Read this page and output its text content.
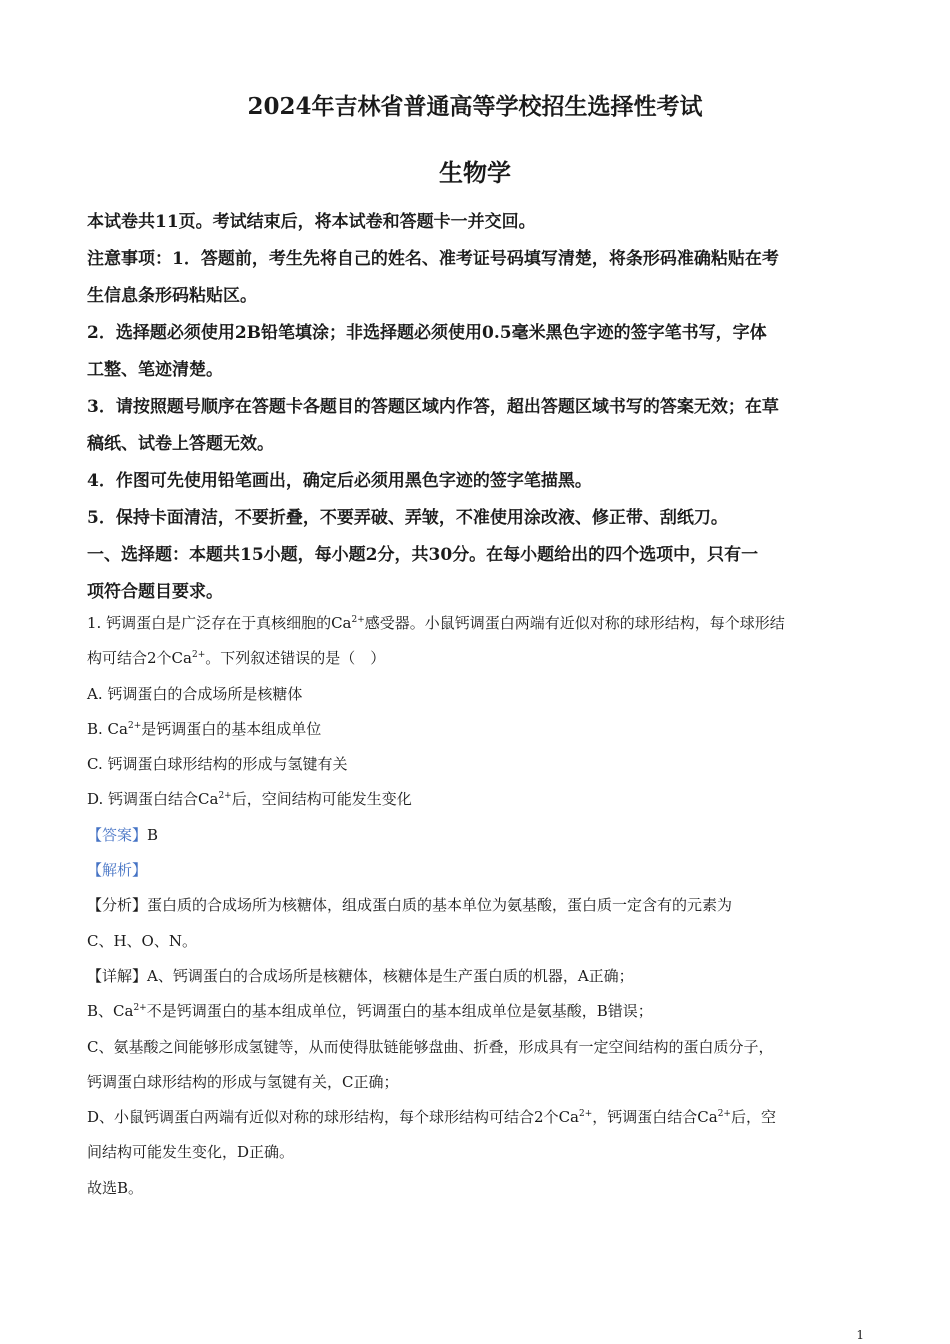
2024年吉林省普通高等学校招生选择性考试
生物学

本试卷共11页。考试结束后，将本试卷和答题卡一并交回。

注意事项：1．答题前，考生先将自己的姓名、准考证号码填写清楚，将条形码准确粘贴在考

生信息条形码粘贴区。

2．选择题必须使用2B铅笔填涂；非选择题必须使用0.5毫米黑色字迹的签字笔书写，字体

工整、笔迹清楚。

3．请按照题号顺序在答题卡各题目的答题区域内作答，超出答题区域书写的答案无效；在草

稿纸、试卷上答题无效。

4．作图可先使用铅笔画出，确定后必须用黑色字迹的签字笔描黑。

5．保持卡面清洁，不要折叠，不要弄破、弄皱，不准使用涂改液、修正带、刮纸刀。

一、选择题：本题共15小题，每小题2分，共30分。在每小题给出的四个选项中，只有一

项符合题目要求。

1. 钙调蛋白是广泛存在于真核细胞的$Ca^{2+}$感受器。小鼠钙调蛋白两端有近似对称的球形结构，每个球形结

构可结合2个$Ca^{2+}$。下列叙述错误的是（　）

A. 钙调蛋白的合成场所是核糖体

B. $Ca^{2+}$是钙调蛋白的基本组成单位

C. 钙调蛋白球形结构的形成与氢键有关

D. 钙调蛋白结合$Ca^{2+}$后，空间结构可能发生变化

【答案】B

【解析】

【分析】蛋白质的合成场所为核糖体，组成蛋白质的基本单位为氨基酸，蛋白质一定含有的元素为

C、H、O、N。

【详解】A、钙调蛋白的合成场所是核糖体，核糖体是生产蛋白质的机器，A正确；

B、$Ca^{2+}$不是钙调蛋白的基本组成单位，钙调蛋白的基本组成单位是氨基酸，B错误；

C、氨基酸之间能够形成氢键等，从而使得肽链能够盘曲、折叠，形成具有一定空间结构的蛋白质分子，

钙调蛋白球形结构的形成与氢键有关，C正确；

D、小鼠钙调蛋白两端有近似对称的球形结构，每个球形结构可结合2个$Ca^{2+}$，钙调蛋白结合$Ca^{2+}$后，空

间结构可能发生变化，D正确。

故选B。

1
